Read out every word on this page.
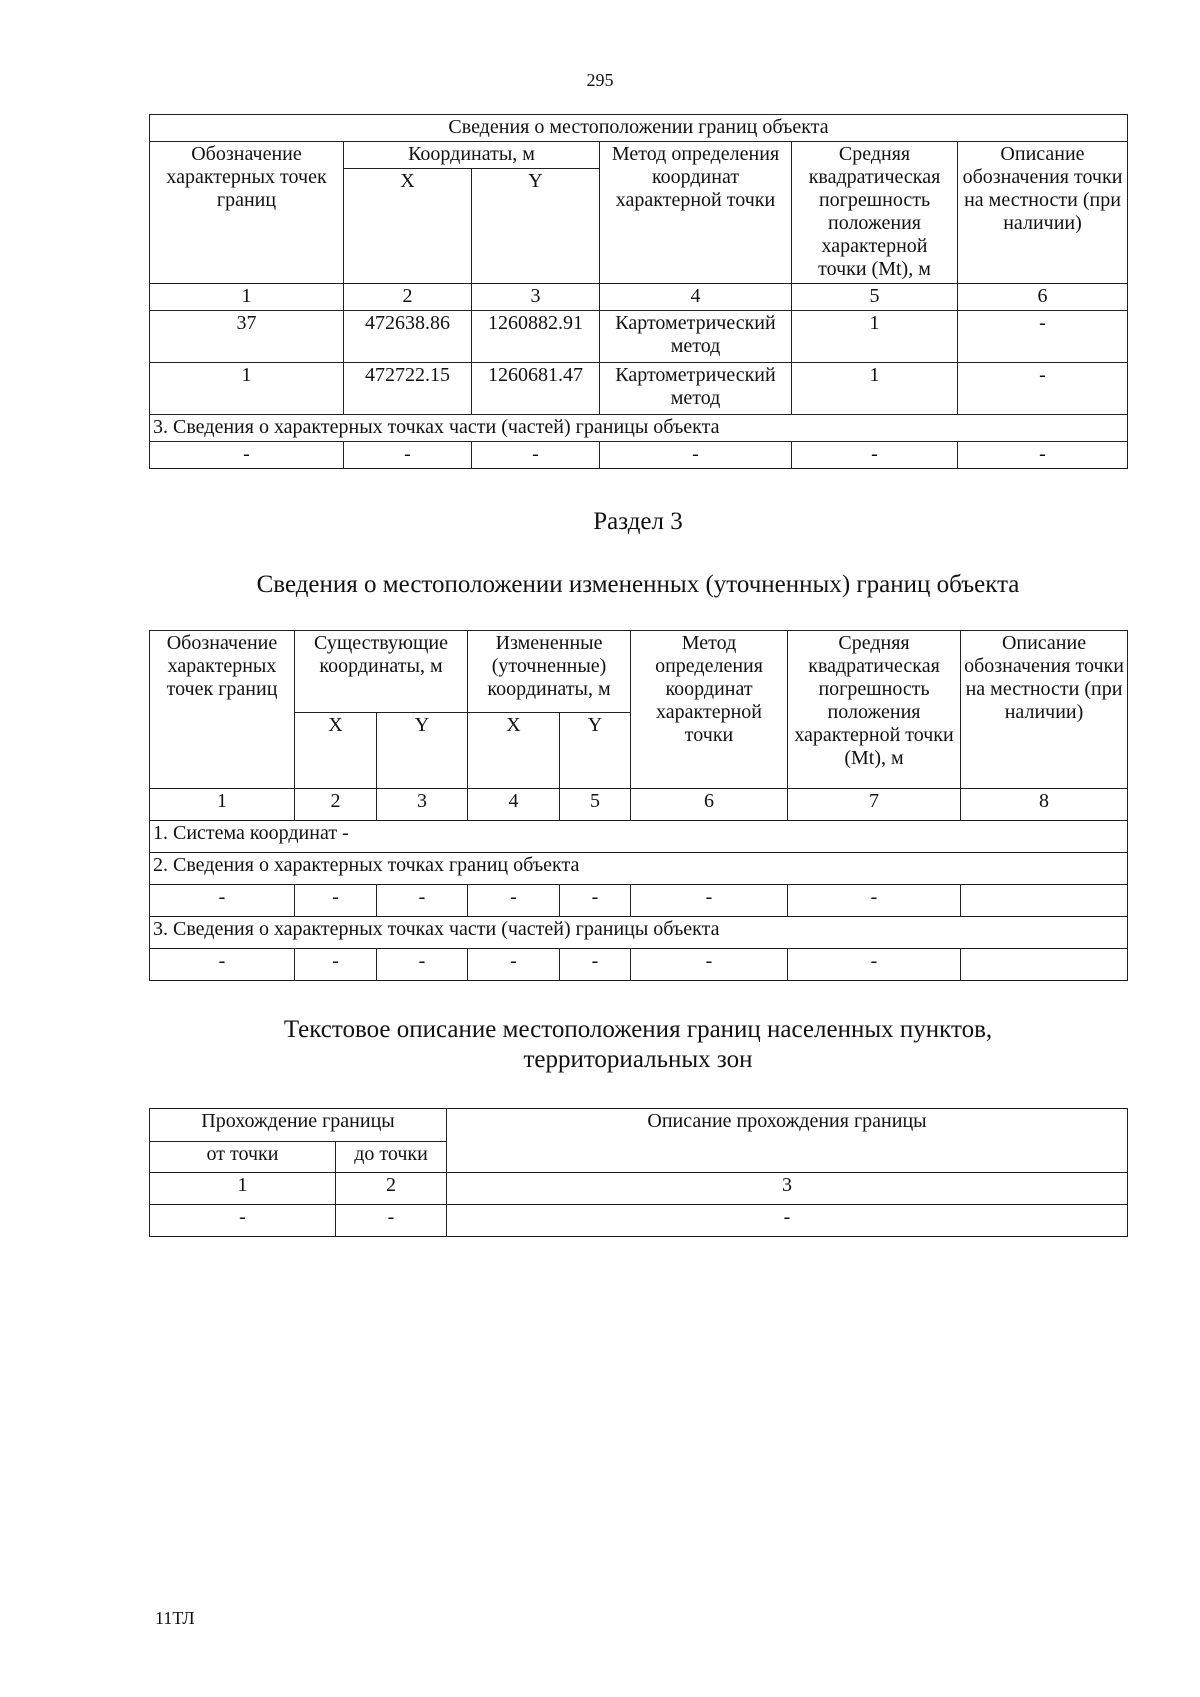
295
Сведения о местоположении границ объекта					
Обозначение характерных точек границ	Координаты, м		Метод определения координат характерной точки	Средняя квадратическая погрешность положения характерной точки (Mt), м	Описание обозначения точки на местности (при наличии)
	X	Y			
1	2	3	4	5	6
37	472638.86	1260882.91	Картометрический метод	1	-
1	472722.15	1260681.47	Картометрический метод	1	-
3. Сведения о характерных точках части (частей) границы объекта					
-	-	-	-	-	-
Раздел 3
Сведения о местоположении измененных (уточненных) границ объекта
Обозначение характерных точек границ	Существующие координаты, м		Измененные (уточненные) координаты, м		Метод определения координат характерной точки	Средняя квадратическая погрешность положения характерной точки (Mt), м	Описание обозначения точки на местности (при наличии)
	X	Y	X	Y			
1	2	3	4	5	6	7	8
1. Система координат -							
2. Сведения о характерных точках границ объекта							
-	-	-	-	-	-	-	
3. Сведения о характерных точках части (частей) границы объекта							
-	-	-	-	-	-	-	
Текстовое описание местоположения границ населенных пунктов,
территориальных зон
Прохождение границы		Описание прохождения границы
от точки	до точки	
1	2	3
-	-	-
11ТЛ
